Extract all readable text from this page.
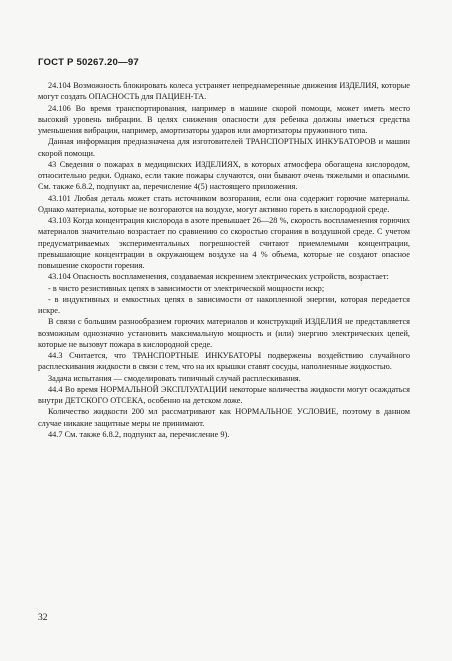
ГОСТ Р 50267.20—97

24.104 Возможность блокировать колеса устраняет непреднамеренные движения ИЗДЕЛИЯ, которые могут создать ОПАСНОСТЬ для ПАЦИЕН-ТА.

24.106 Во время транспортирования, например в машине скорой помощи, может иметь место высокий уровень вибрации. В целях снижения опасности для ребенка должны иметься средства уменьшения вибрации, например, амортизаторы ударов или амортизаторы пружинного типа.

Данная информация предназначена для изготовителей ТРАНСПОРТНЫХ ИНКУБАТОРОВ и машин скорой помощи.

43 Сведения о пожарах в медицинских ИЗДЕЛИЯХ, в которых атмосфера обогащена кислородом, относительно редки. Однако, если такие пожары случаются, они бывают очень тяжелыми и опасными. См. также 6.8.2, подпункт аа, перечисление 4(5) настоящего приложения.

43.101 Любая деталь может стать источником возгорания, если она содержит горючие материалы. Однако материалы, которые не возгораются на воздухе, могут активно гореть в кислородной среде.

43.103 Когда концентрация кислорода в азоте превышает 26—28 %, скорость воспламенения горючих материалов значительно возрастает по сравнению со скоростью сгорания в воздушной среде. С учетом предусматриваемых экспериментальных погрешностей считают приемлемыми концентрации, превышающие концентрации в окружающем воздухе на 4 % объема, которые не создают опасное повышение скорости горения.

43.104 Опасность воспламенения, создаваемая искрением электрических устройств, возрастает:

- в чисто резистивных цепях в зависимости от электрической мощности искр;

- в индуктивных и емкостных цепях в зависимости от накопленной энергии, которая передается искре.

В связи с большим разнообразием горючих материалов и конструкций ИЗДЕЛИЯ не представляется возможным однозначно установить максимальную мощность и (или) энергию электрических цепей, которые не вызовут пожара в кислородной среде.

44.3 Считается, что ТРАНСПОРТНЫЕ ИНКУБАТОРЫ подвержены воздействию случайного расплескивания жидкости в связи с тем, что на их крышки ставят сосуды, наполненные жидкостью.

Задача испытания — смоделировать типичный случай расплескивания.

44.4 Во время НОРМАЛЬНОЙ ЭКСПЛУАТАЦИИ некоторые количества жидкости могут осаждаться внутри ДЕТСКОГО ОТСЕКА, особенно на детском ложе.

Количество жидкости 200 мл рассматривают как НОРМАЛЬНОЕ УСЛОВИЕ, поэтому в данном случае никакие защитные меры не принимают.

44.7 См. также 6.8.2, подпункт аа, перечисление 9).

32
